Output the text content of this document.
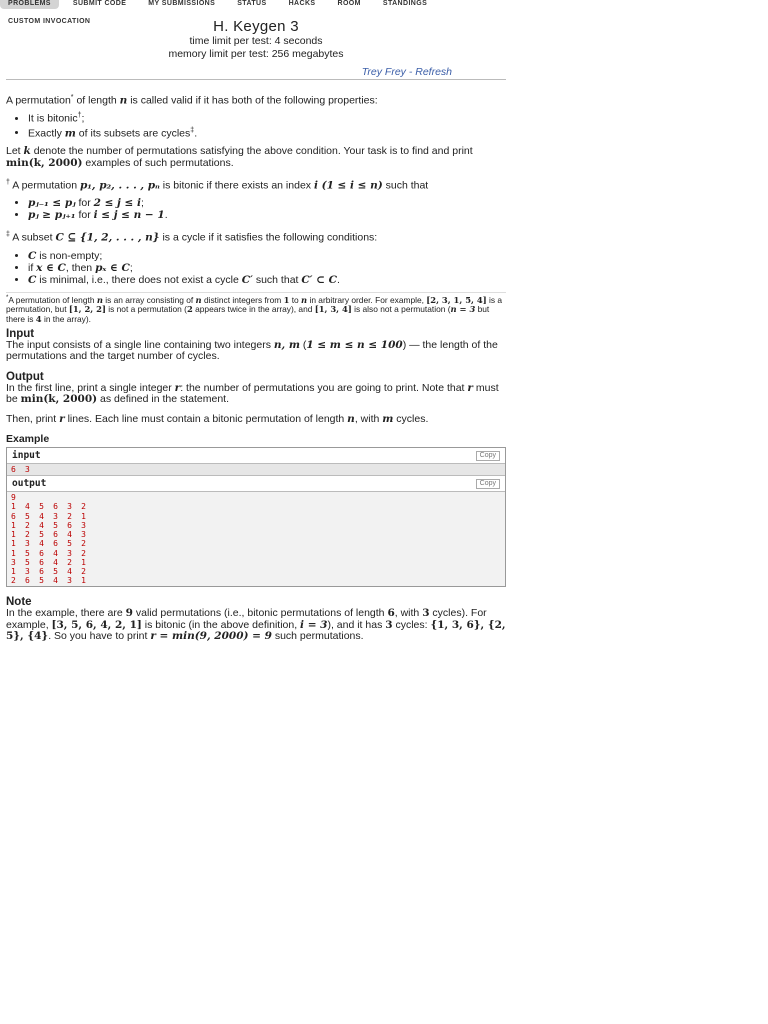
PROBLEMS	SUBMIT CODE	MY SUBMISSIONS	STATUS	HACKS	ROOM	STANDINGSCUSTOM INVOCATION	H. Keygen 3
time limit per test: 4 seconds
memory limit per test: 256 megabytes
Trey Frey - Refresh

A permutation* of length n is called valid if it has both of the following properties:

• It is bitonic†;
• Exactly m of its subsets are cycles‡.

Let k denote the number of permutations satisfying the above condition. Your task is to find and print min(k, 2000) examples of such permutations.

† A permutation p₁, p₂, . . . , pₙ is bitonic if there exists an index i (1 ≤ i ≤ n) such that

• pⱼ₋₁ ≤ pⱼ for 2 ≤ j ≤ i;
• pⱼ ≥ pⱼ₊₁ for i ≤ j ≤ n − 1.

‡ A subset C ⊆ {1, 2, . . . , n} is a cycle if it satisfies the following conditions:

• C is non-empty;
• if x ∈ C, then pₓ ∈ C;
• C is minimal, i.e., there does not exist a cycle C′ such that C′ ⊂ C.

*A permutation of length n is an array consisting of n distinct integers from 1 to n in arbitrary order. For example, [2, 3, 1, 5, 4] is a permutation, but [1, 2, 2] is not a permutation (2 appears twice in the array), and [1, 3, 4] is also not a permutation (n = 3 but there is 4 in the array).

Input

The input consists of a single line containing two integers n, m (1 ≤ m ≤ n ≤ 100) — the length of the permutations and the target number of cycles.

Output

In the first line, print a single integer r: the number of permutations you are going to print. Note that r must be min(k, 2000) as defined in the statement.

Then, print r lines. Each line must contain a bitonic permutation of length n, with m cycles.

Example
input	Copy
6 3
output	Copy
9
1 4 5 6 3 2
6 5 4 3 2 1
1 2 4 5 6 3
1 2 5 6 4 3
1 3 4 6 5 2
1 5 6 4 3 2
3 5 6 4 2 1
1 3 6 5 4 2
2 6 5 4 3 1
Note

In the example, there are 9 valid permutations (i.e., bitonic permutations of length 6, with 3 cycles). For example, [3, 5, 6, 4, 2, 1] is bitonic (in the above definition, i = 3), and it has 3 cycles: {1, 3, 6}, {2, 5}, {4}. So you have to print r = min(9, 2000) = 9 such permutations.
